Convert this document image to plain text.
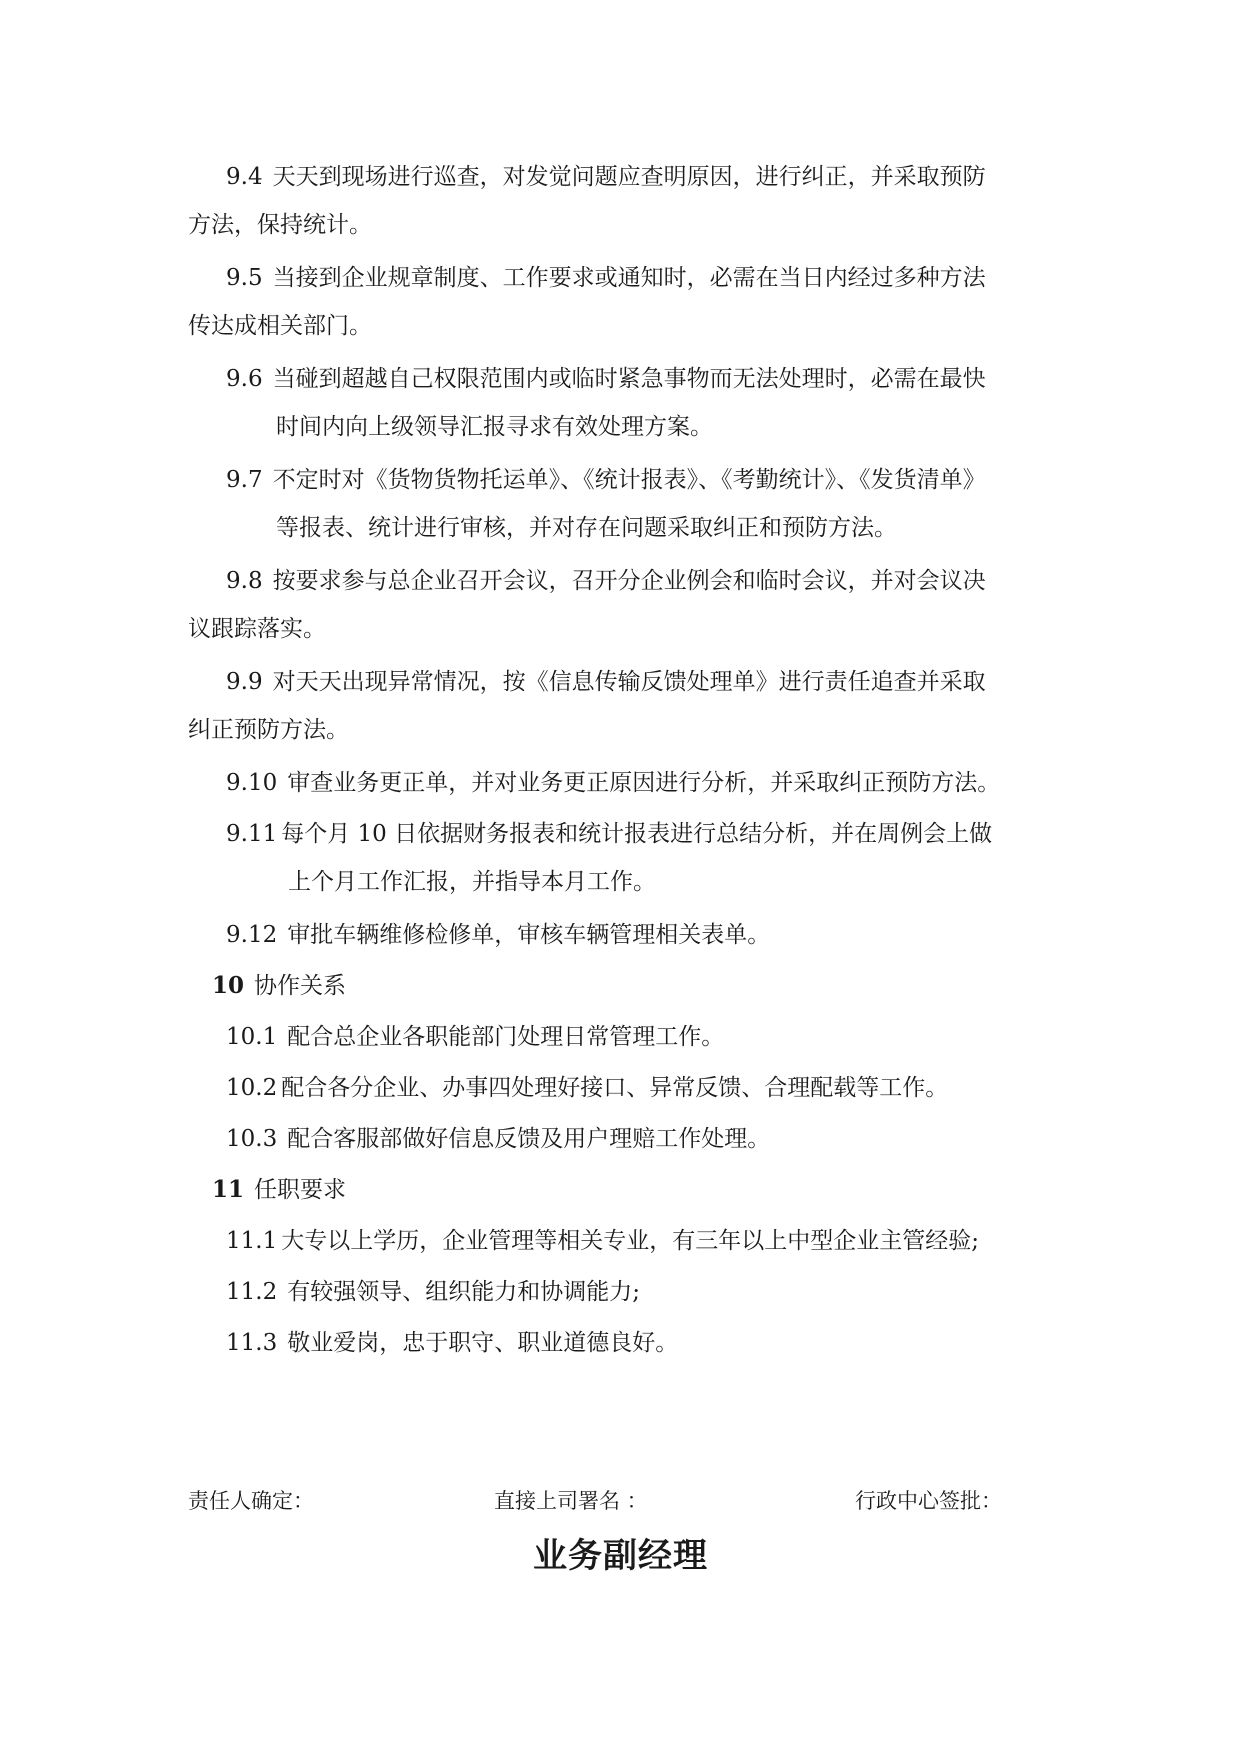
9.4 天天到现场进行巡查，对发觉问题应查明原因，进行纠正，并采取预防
方法，保持统计。
9.5 当接到企业规章制度、工作要求或通知时，必需在当日内经过多种方法
传达成相关部门。
9.6 当碰到超越自己权限范围内或临时紧急事物而无法处理时，必需在最快
时间内向上级领导汇报寻求有效处理方案。
9.7 不定时对《货物货物托运单》、《统计报表》、《考勤统计》、《发货清单》
等报表、统计进行审核，并对存在问题采取纠正和预防方法。
9.8 按要求参与总企业召开会议，召开分企业例会和临时会议，并对会议决
议跟踪落实。
9.9 对天天出现异常情况，按《信息传输反馈处理单》进行责任追查并采取
纠正预防方法。
9.10 审查业务更正单，并对业务更正原因进行分析，并采取纠正预防方法。
9.11 每个月 10 日依据财务报表和统计报表进行总结分析，并在周例会上做
上个月工作汇报，并指导本月工作。
9.12 审批车辆维修检修单，审核车辆管理相关表单。
10 协作关系
10.1 配合总企业各职能部门处理日常管理工作。
10.2 配合各分企业、办事四处理好接口、异常反馈、合理配载等工作。
10.3 配合客服部做好信息反馈及用户理赔工作处理。
11 任职要求
11.1 大专以上学历，企业管理等相关专业，有三年以上中型企业主管经验;
11.2 有较强领导、组织能力和协调能力;
11.3 敬业爱岗，忠于职守、职业道德良好。
责任人确定：	直接上司署名 ：	行政中心签批：
业务副经理
